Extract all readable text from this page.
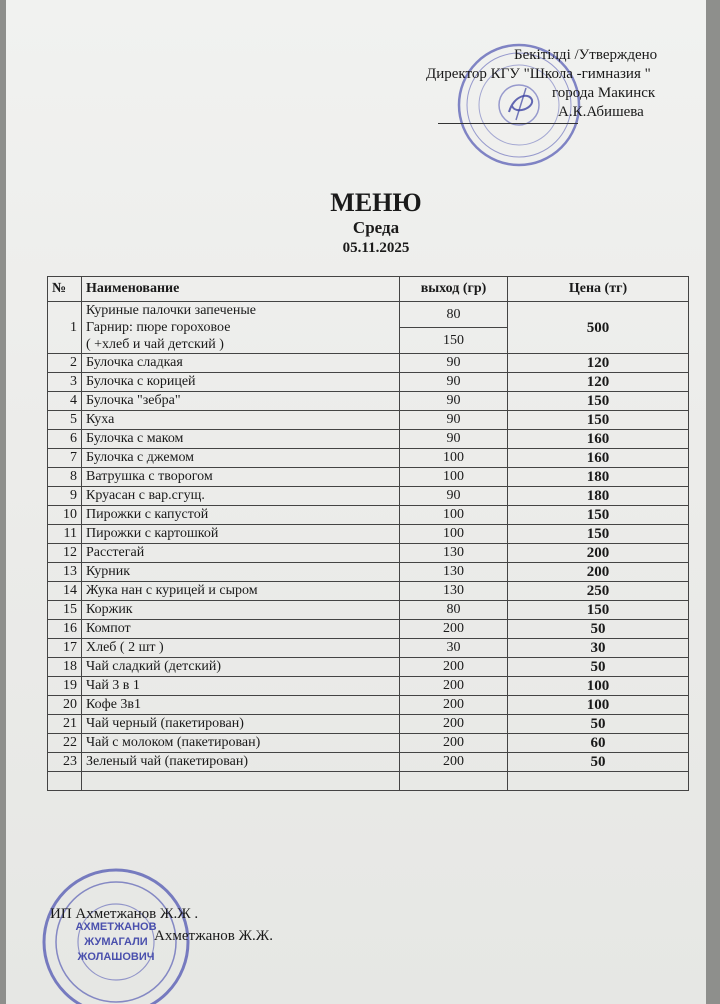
Бекітілді /Утверждено
Директор КГУ "Школа -гимназия "
города Макинск
А.К.Абишева
МЕНЮ
Среда
05.11.2025
№	Наименование	выход (гр)	Цена (тг)
1	Куриные палочки запеченые
Гарнир: пюре гороховое
( +хлеб и чай детский )	80	500
		150	
2	Булочка сладкая	90	120
3	Булочка с корицей	90	120
4	Булочка "зебра"	90	150
5	Куха	90	150
6	Булочка с маком	90	160
7	Булочка с джемом	100	160
8	Ватрушка с творогом	100	180
9	Круасан с вар.сгущ.	90	180
10	Пирожки с капустой	100	150
11	Пирожки с картошкой	100	150
12	Расстегай	130	200
13	Курник	130	200
14	Жука нан с курицей и сыром	130	250
15	Коржик	80	150
16	Компот	200	50
17	Хлеб ( 2 шт )	30	30
18	Чай сладкий (детский)	200	50
19	Чай 3 в 1	200	100
20	Кофе 3в1	200	100
21	Чай черный (пакетирован)	200	50
22	Чай с молоком (пакетирован)	200	60
23	Зеленый чай (пакетирован)	200	50

АХМЕТЖАНОВ
ЖУМАГАЛИ
ЖОЛАШОВИЧ
ИП Ахметжанов Ж.Ж .
Ахметжанов Ж.Ж.
